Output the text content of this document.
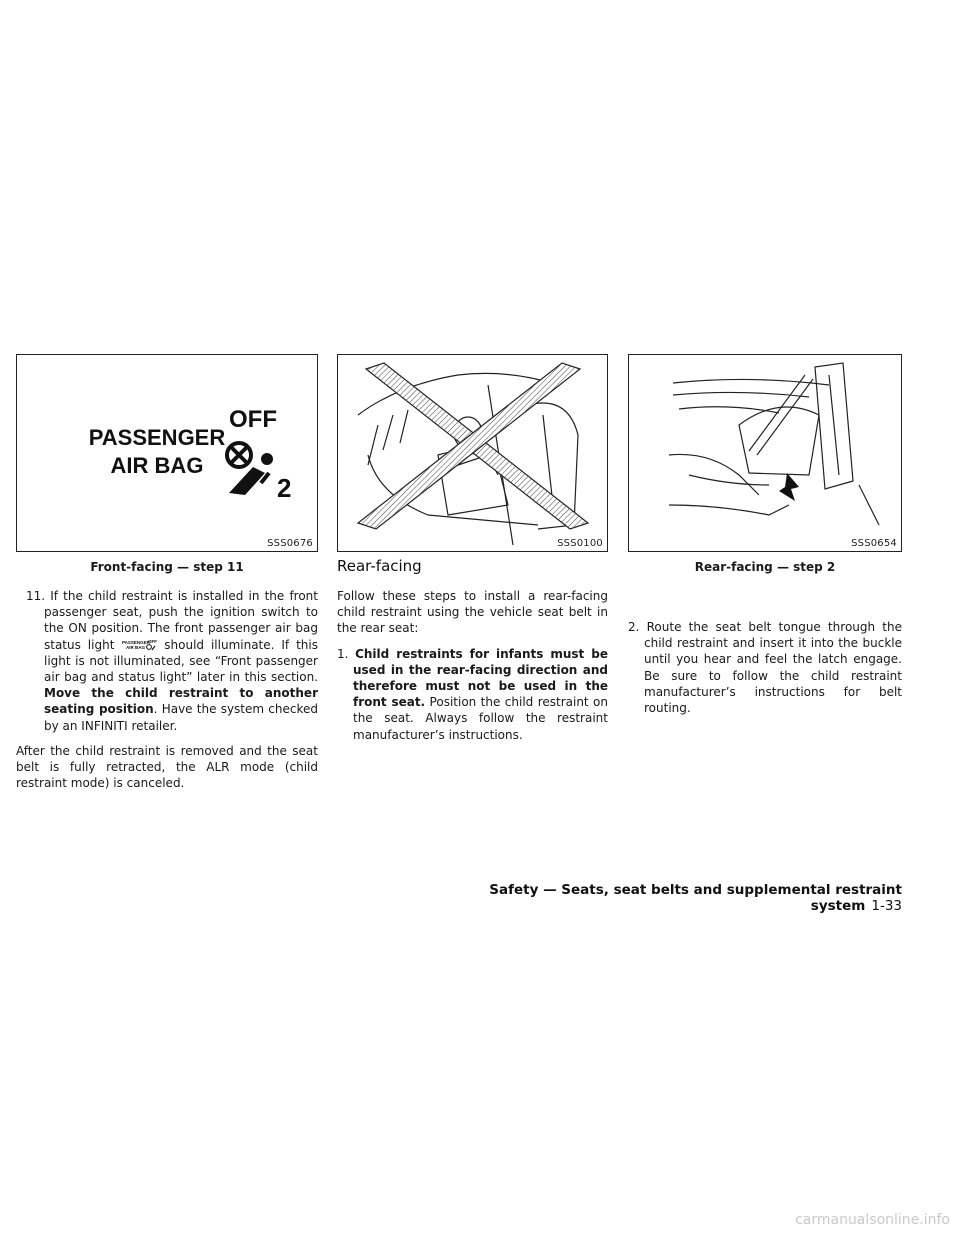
PASSENGER
AIR BAG
OFF
2
SSS0676	SSS0100	SSS0654
Front-facing — step 11	Rear-facing — step 2

11. If the child restraint is installed in the front passenger seat, push the ignition switch to the ON position. The front passenger air bag status light PASSENGER
AIR BAG
OFF should illuminate. If this light is not illuminated, see “Front passenger air bag and status light” later in this section. Move the child restraint to another seating position. Have the system checked by an INFINITI retailer.

After the child restraint is removed and the seat belt is fully retracted, the ALR mode (child restraint mode) is canceled.

Rear-facing

Follow these steps to install a rear-facing child restraint using the vehicle seat belt in the rear seat:

1. Child restraints for infants must be used in the rear-facing direction and therefore must not be used in the front seat. Position the child restraint on the seat. Always follow the restraint manufacturer’s instructions.

2. Route the seat belt tongue through the child restraint and insert it into the buckle until you hear and feel the latch engage. Be sure to follow the child restraint manufacturer’s instructions for belt routing.

Safety — Seats, seat belts and supplemental restraint system 1-33
carmanualsonline.info
